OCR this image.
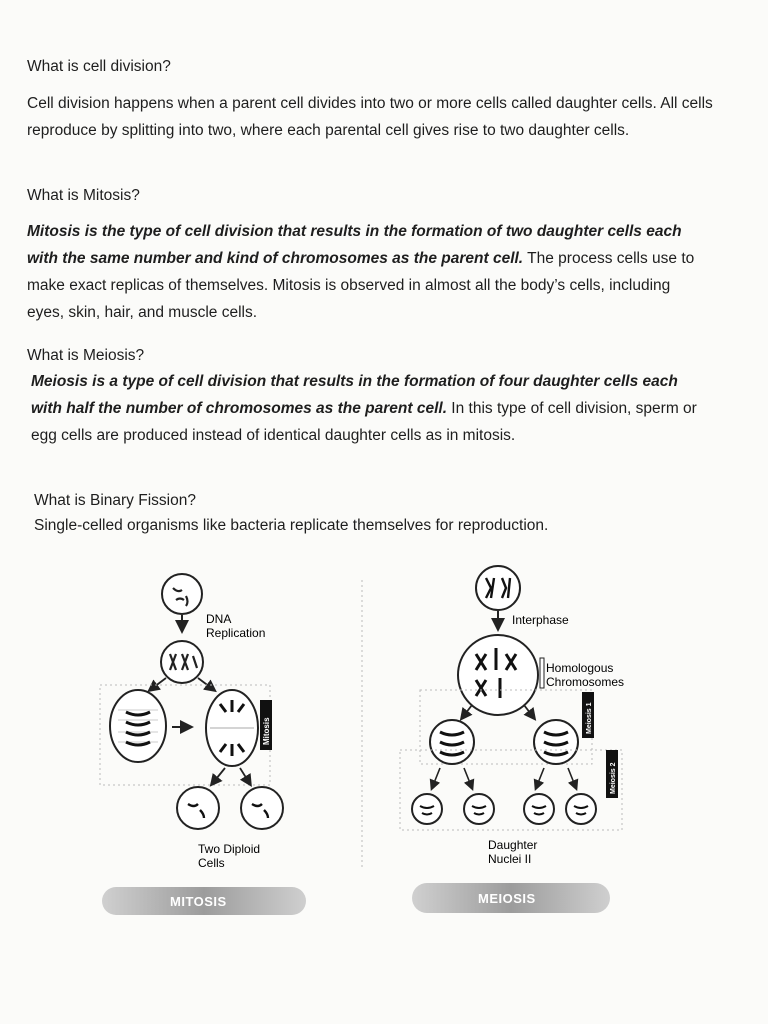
What is cell division?
Cell division happens when a parent cell divides into two or more cells called daughter cells. All cells reproduce by splitting into two, where each parental cell gives rise to two daughter cells.
What is Mitosis?
Mitosis is the type of cell division that results in the formation of two daughter cells each with the same number and kind of chromosomes as the parent cell. The process cells use to make exact replicas of themselves. Mitosis is observed in almost all the body’s cells, including eyes, skin, hair, and muscle cells.
What is Meiosis?
Meiosis is a type of cell division that results in the formation of four daughter cells each with half the number of chromosomes as the parent cell. In this type of cell division, sperm or egg cells are produced instead of identical daughter cells as in mitosis.
What is Binary Fission?
Single-celled organisms like bacteria replicate themselves for reproduction.
DNA
Replication
Mitosis
Two Diploid
Cells
MITOSIS
Interphase
Homologous
Chromosomes
Meiosis 1
Meiosis 2
Daughter
Nuclei II
MEIOSIS
